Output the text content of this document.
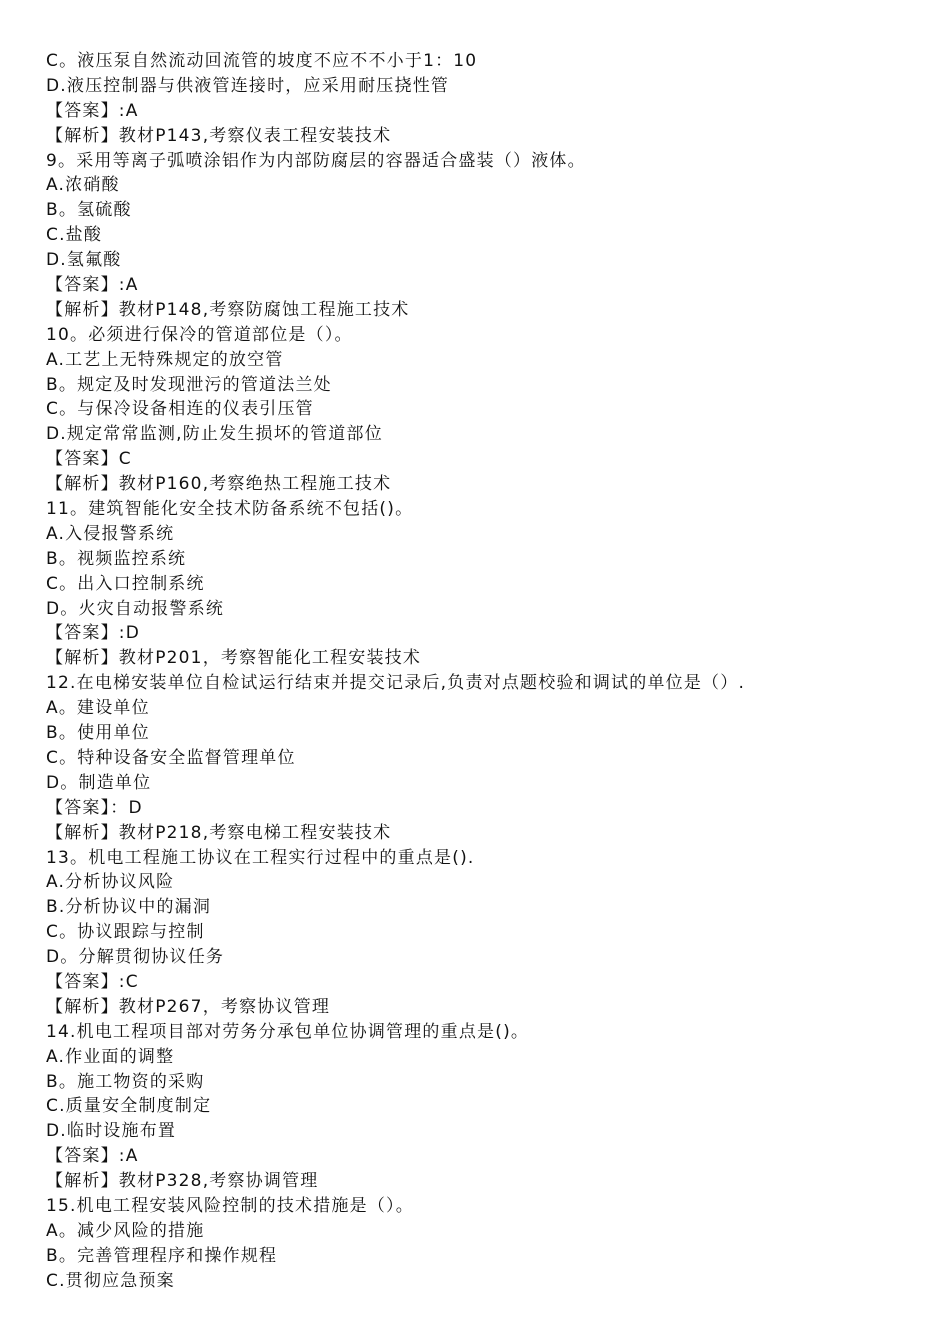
C。液压泵自然流动回流管的坡度不应不不小于1：10
D.液压控制器与供液管连接时，应采用耐压挠性管
【答案】:A
【解析】教材P143,考察仪表工程安装技术
9。采用等离子弧喷涂铝作为内部防腐层的容器适合盛装（）液体。
A.浓硝酸
B。氢硫酸
C.盐酸
D.氢氟酸
【答案】:A
【解析】教材P148,考察防腐蚀工程施工技术
10。必须进行保冷的管道部位是（）。
A.工艺上无特殊规定的放空管
B。规定及时发现泄污的管道法兰处
C。与保冷设备相连的仪表引压管
D.规定常常监测,防止发生损坏的管道部位
【答案】C
【解析】教材P160,考察绝热工程施工技术
11。建筑智能化安全技术防备系统不包括()。
A.入侵报警系统
B。视频监控系统
C。出入口控制系统
D。火灾自动报警系统
【答案】:D
【解析】教材P201，考察智能化工程安装技术
12.在电梯安装单位自检试运行结束并提交记录后,负责对点题校验和调试的单位是（）.
A。建设单位
B。使用单位
C。特种设备安全监督管理单位
D。制造单位
【答案】：D
【解析】教材P218,考察电梯工程安装技术
13。机电工程施工协议在工程实行过程中的重点是().
A.分析协议风险
B.分析协议中的漏洞
C。协议跟踪与控制
D。分解贯彻协议任务
【答案】:C
【解析】教材P267，考察协议管理
14.机电工程项目部对劳务分承包单位协调管理的重点是()。
A.作业面的调整
B。施工物资的采购
C.质量安全制度制定
D.临时设施布置
【答案】:A
【解析】教材P328,考察协调管理
15.机电工程安装风险控制的技术措施是（）。
A。减少风险的措施
B。完善管理程序和操作规程
C.贯彻应急预案
